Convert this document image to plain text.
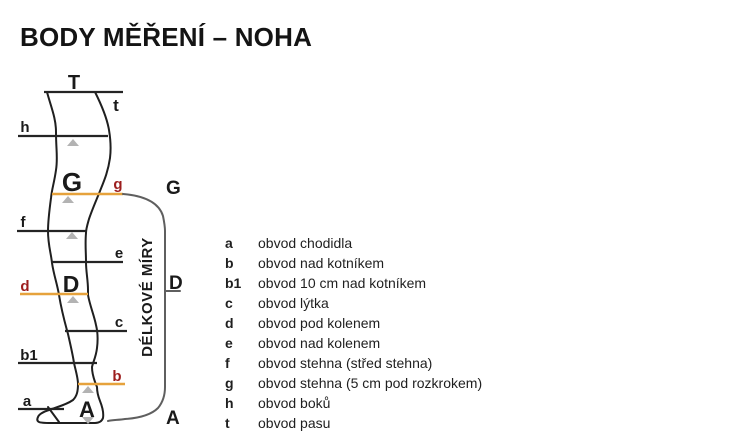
BODY MĚŘENÍ – NOHA
T
G
D
A
t
h
f
e
c
b1
a
g
d
b
G
D
A
DÉLKOVÉ MÍRY	a	obvod chodidla
b	obvod nad kotníkem
b1	obvod 10 cm nad kotníkem
c	obvod lýtka
d	obvod pod kolenem
e	obvod nad kolenem
f	obvod stehna (střed stehna)
g	obvod stehna (5 cm pod rozkrokem)
h	obvod boků
t	obvod pasu
